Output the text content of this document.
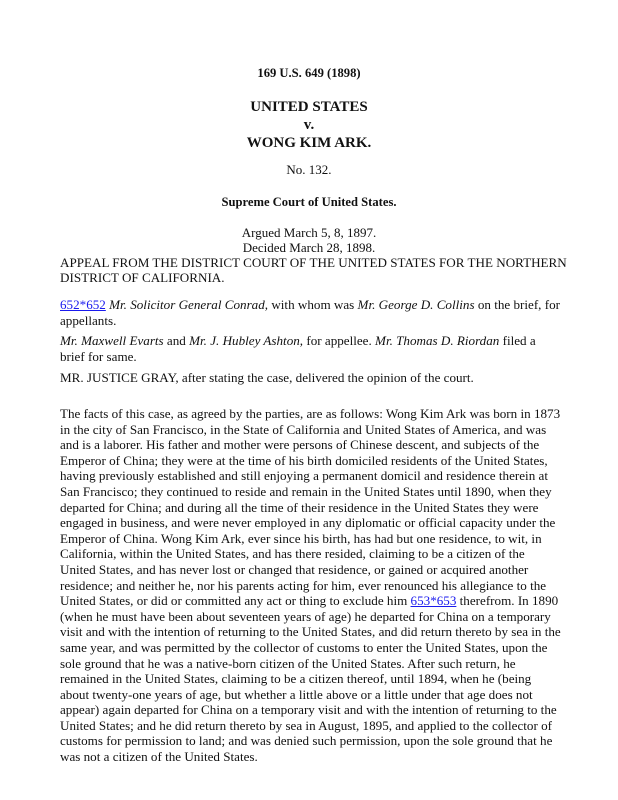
169 U.S. 649 (1898)
UNITED STATES
v.
WONG KIM ARK.
No. 132.
Supreme Court of United States.
Argued March 5, 8, 1897.
Decided March 28, 1898.
APPEAL FROM THE DISTRICT COURT OF THE UNITED STATES FOR THE NORTHERN DISTRICT OF CALIFORNIA.

652*652 Mr. Solicitor General Conrad, with whom was Mr. George D. Collins on the brief, for appellants.

Mr. Maxwell Evarts and Mr. J. Hubley Ashton, for appellee. Mr. Thomas D. Riordan filed a brief for same.

MR. JUSTICE GRAY, after stating the case, delivered the opinion of the court.

The facts of this case, as agreed by the parties, are as follows: Wong Kim Ark was born in 1873 in the city of San Francisco, in the State of California and United States of America, and was and is a laborer. His father and mother were persons of Chinese descent, and subjects of the Emperor of China; they were at the time of his birth domiciled residents of the United States, having previously established and still enjoying a permanent domicil and residence therein at San Francisco; they continued to reside and remain in the United States until 1890, when they departed for China; and during all the time of their residence in the United States they were engaged in business, and were never employed in any diplomatic or official capacity under the Emperor of China. Wong Kim Ark, ever since his birth, has had but one residence, to wit, in California, within the United States, and has there resided, claiming to be a citizen of the United States, and has never lost or changed that residence, or gained or acquired another residence; and neither he, nor his parents acting for him, ever renounced his allegiance to the United States, or did or committed any act or thing to exclude him 653*653 therefrom. In 1890 (when he must have been about seventeen years of age) he departed for China on a temporary visit and with the intention of returning to the United States, and did return thereto by sea in the same year, and was permitted by the collector of customs to enter the United States, upon the sole ground that he was a native-born citizen of the United States. After such return, he remained in the United States, claiming to be a citizen thereof, until 1894, when he (being about twenty-one years of age, but whether a little above or a little under that age does not appear) again departed for China on a temporary visit and with the intention of returning to the United States; and he did return thereto by sea in August, 1895, and applied to the collector of customs for permission to land; and was denied such permission, upon the sole ground that he was not a citizen of the United States.
